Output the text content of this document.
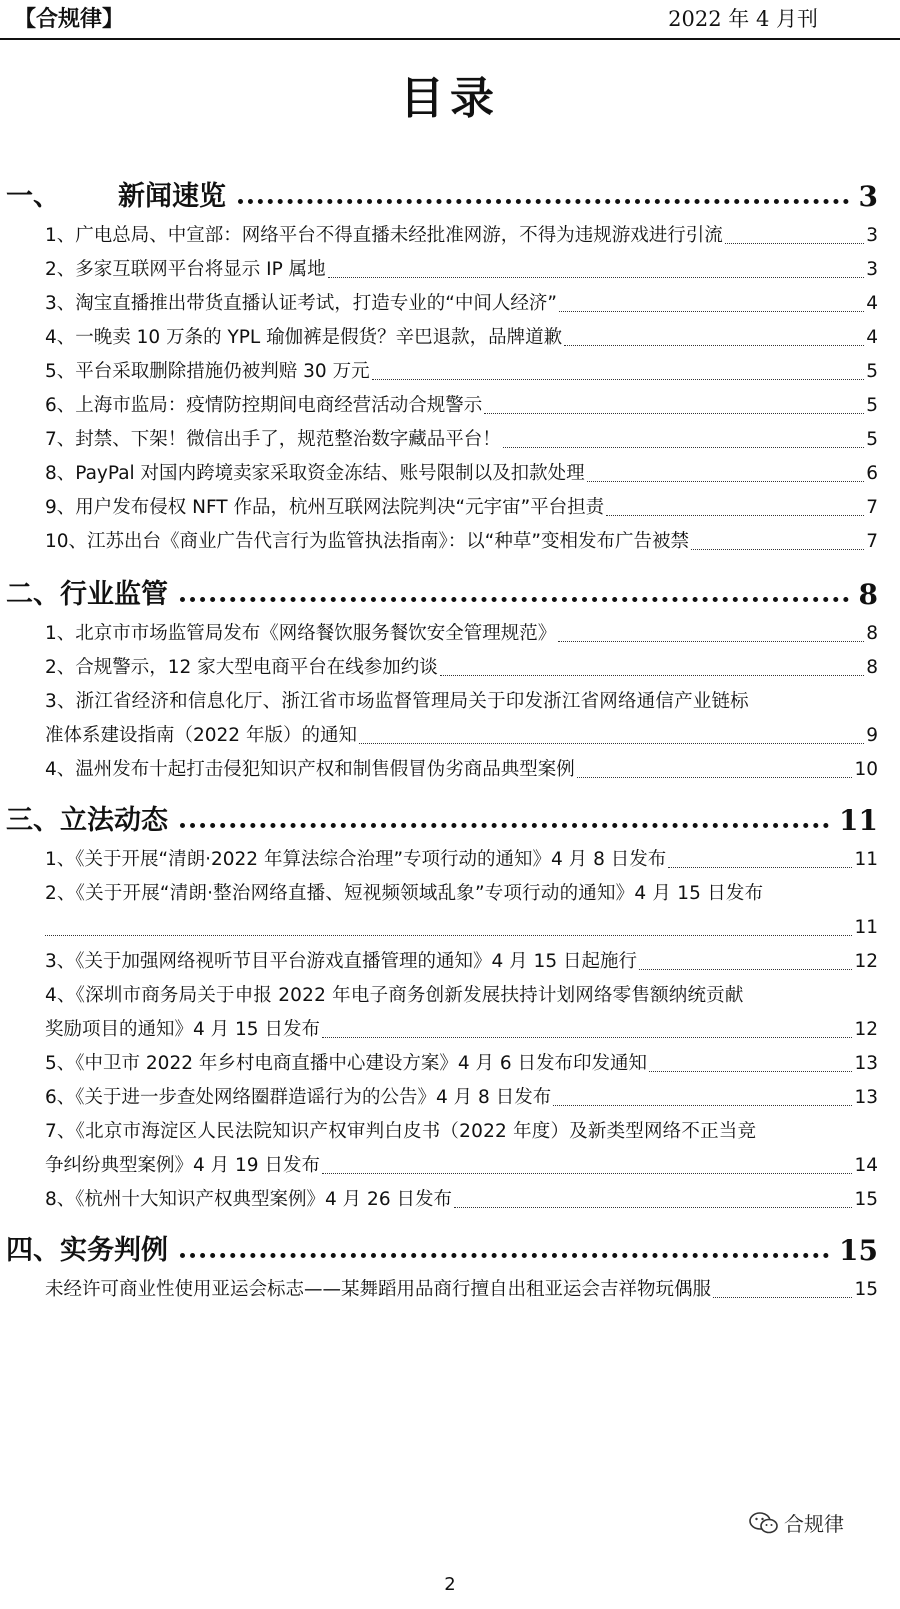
【合规律】	2022 年 4 月刊
目录
一、 新闻速览	3
1、广电总局、中宣部：网络平台不得直播未经批准网游，不得为违规游戏进行引流	3
2、多家互联网平台将显示 IP 属地	3
3、淘宝直播推出带货直播认证考试，打造专业的“中间人经济”	4
4、一晚卖 10 万条的 YPL 瑜伽裤是假货？辛巴退款，品牌道歉	4
5、平台采取删除措施仍被判赔 30 万元	5
6、上海市监局：疫情防控期间电商经营活动合规警示	5
7、封禁、下架！微信出手了，规范整治数字藏品平台！	5
8、PayPal 对国内跨境卖家采取资金冻结、账号限制以及扣款处理	6
9、用户发布侵权 NFT 作品，杭州互联网法院判决“元宇宙”平台担责	7
10、江苏出台《商业广告代言行为监管执法指南》：以“种草”变相发布广告被禁	7
二、 行业监管	8
1、北京市市场监管局发布《网络餐饮服务餐饮安全管理规范》	8
2、合规警示，12 家大型电商平台在线参加约谈	8
3、浙江省经济和信息化厅、浙江省市场监督管理局关于印发浙江省网络通信产业链标
准体系建设指南（2022 年版）的通知	9
4、温州发布十起打击侵犯知识产权和制售假冒伪劣商品典型案例	10
三、 立法动态	11
1、《关于开展“清朗·2022 年算法综合治理”专项行动的通知》4 月 8 日发布	11
2、《关于开展“清朗·整治网络直播、短视频领域乱象”专项行动的通知》4 月 15 日发布
11
3、《关于加强网络视听节目平台游戏直播管理的通知》4 月 15 日起施行	12
4、《深圳市商务局关于申报 2022 年电子商务创新发展扶持计划网络零售额纳统贡献
奖励项目的通知》4 月 15 日发布	12
5、《中卫市 2022 年乡村电商直播中心建设方案》4 月 6 日发布印发通知	13
6、《关于进一步查处网络圈群造谣行为的公告》4 月 8 日发布	13
7、《北京市海淀区人民法院知识产权审判白皮书（2022 年度）及新类型网络不正当竞
争纠纷典型案例》4 月 19 日发布	14
8、《杭州十大知识产权典型案例》4 月 26 日发布	15
四、 实务判例	15
未经许可商业性使用亚运会标志——某舞蹈用品商行擅自出租亚运会吉祥物玩偶服	15
合规律
2
